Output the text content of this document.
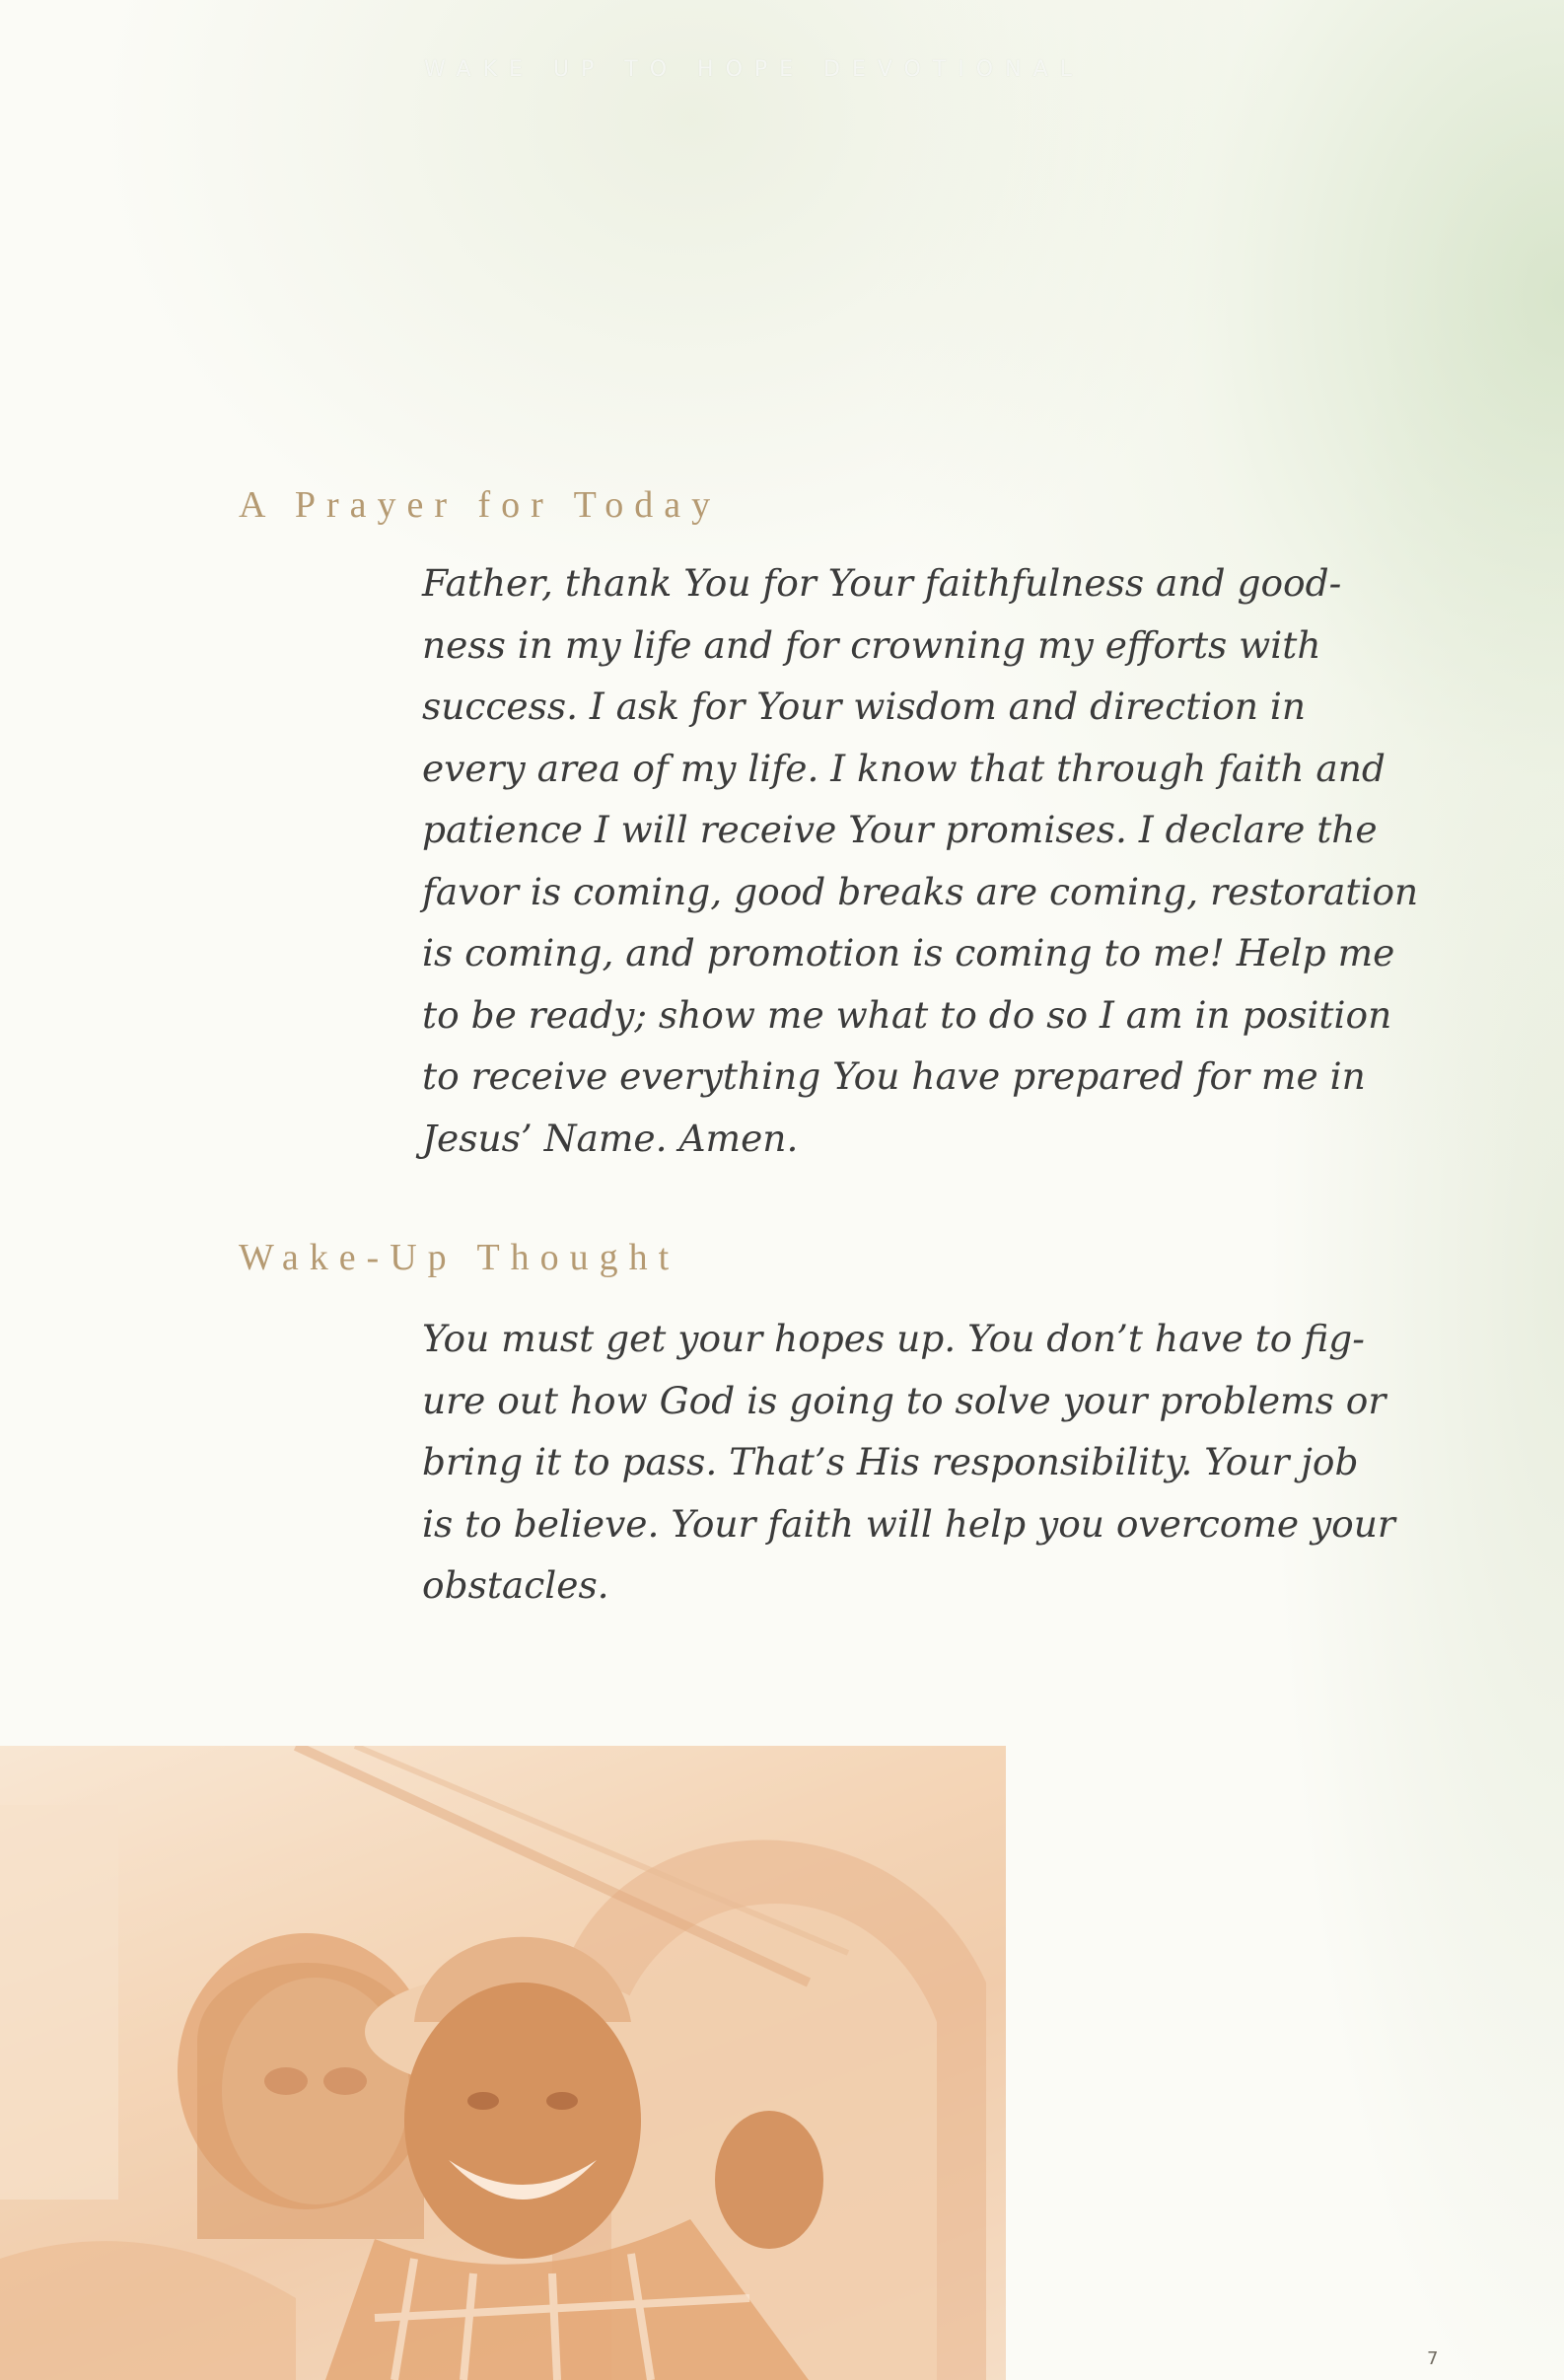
WAKE UP TO HOPE DEVOTIONAL
A Prayer for Today
Father, thank You for Your faithfulness and good-
ness in my life and for crowning my efforts with
success. I ask for Your wisdom and direction in
every area of my life. I know that through faith and
patience I will receive Your promises. I declare the
favor is coming, good breaks are coming, restoration
is coming, and promotion is coming to me! Help me
to be ready; show me what to do so I am in position
to receive everything You have prepared for me in
Jesus’ Name. Amen.
Wake-Up Thought
You must get your hopes up. You don’t have to fig-
ure out how God is going to solve your problems or
bring it to pass. That’s His responsibility. Your job
is to believe. Your faith will help you overcome your
obstacles.
7
